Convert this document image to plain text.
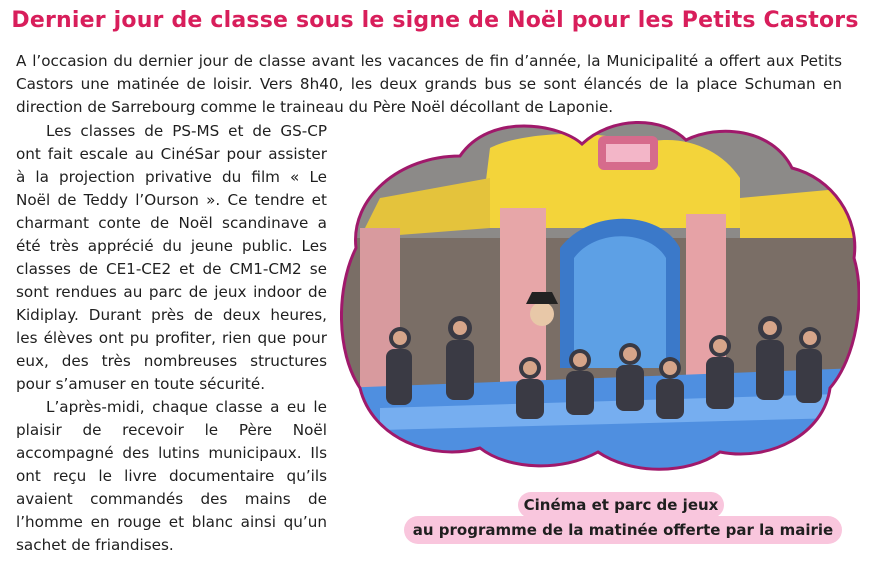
Dernier jour de classe sous le signe de Noël pour les Petits Castors

A l’occasion du dernier jour de classe avant les vacances de fin d’année, la Municipalité a offert aux Petits Castors une matinée de loisir. Vers 8h40, les deux grands bus se sont élancés de la place Schuman en direction de Sarrebourg comme le traineau du Père Noël décollant de Laponie.

Les classes de PS-MS et de GS-CP ont fait escale au CinéSar pour assister à la projection privative du film « Le Noël de Teddy l’Ourson ». Ce tendre et charmant conte de Noël scandinave a été très apprécié du jeune public. Les classes de CE1-CE2 et de CM1-CM2 se sont rendues au parc de jeux indoor de Kidiplay. Durant près de deux heures, les élèves ont pu profiter, rien que pour eux, des très nombreuses structures pour s’amuser en toute sécurité.

L’après-midi, chaque classe a eu le plaisir de recevoir le Père Noël accompagné des lutins municipaux. Ils ont reçu le livre documentaire qu’ils avaient commandés des mains de l’homme en rouge et blanc ainsi qu’un sachet de friandises.

Cinéma et parc de jeux
au programme de la matinée offerte par la mairie
